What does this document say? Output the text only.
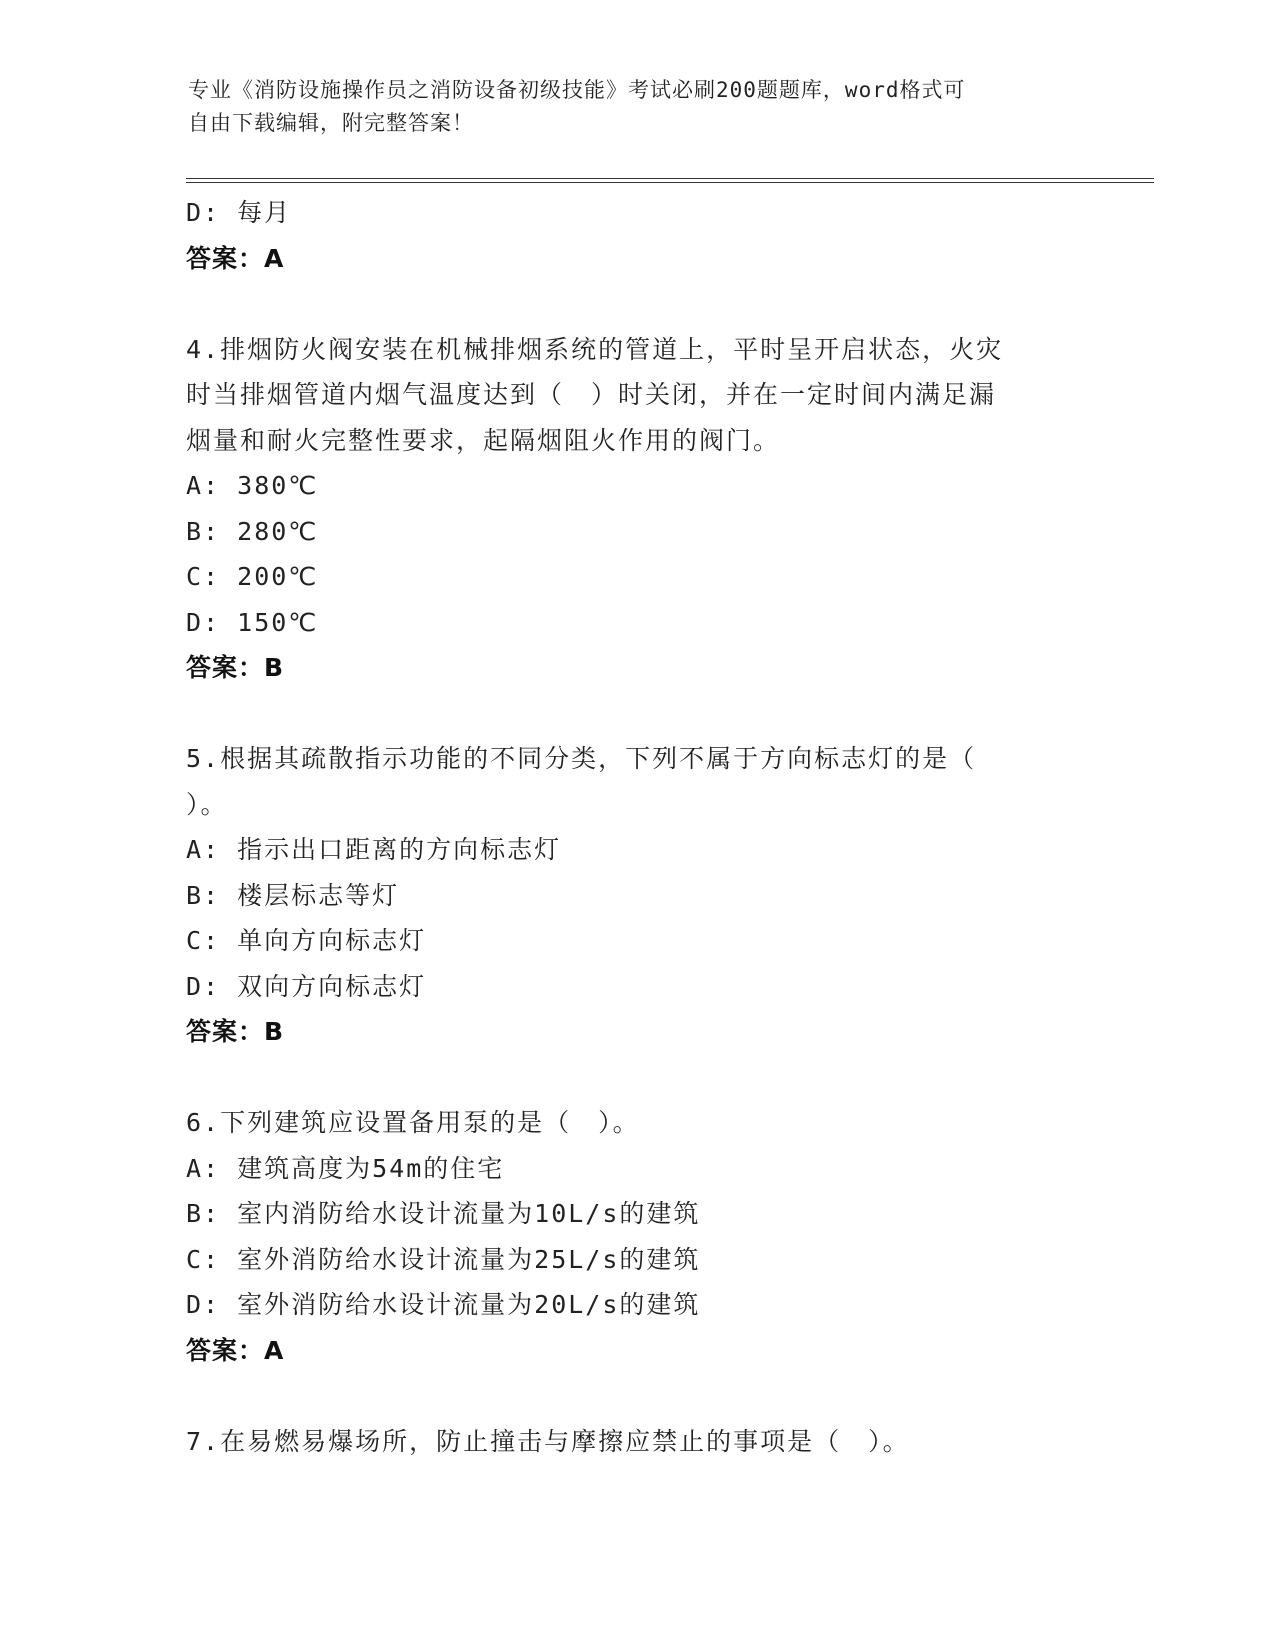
专业《消防设施操作员之消防设备初级技能》考试必刷200题题库，word格式可
自由下载编辑，附完整答案！
D: 每月
答案：A
4.排烟防火阀安装在机械排烟系统的管道上，平时呈开启状态，火灾
时当排烟管道内烟气温度达到（　）时关闭，并在一定时间内满足漏
烟量和耐火完整性要求，起隔烟阻火作用的阀门。
A: 380℃
B: 280℃
C: 200℃
D: 150℃
答案：B
5.根据其疏散指示功能的不同分类，下列不属于方向标志灯的是（
）。
A: 指示出口距离的方向标志灯
B: 楼层标志等灯
C: 单向方向标志灯
D: 双向方向标志灯
答案：B
6.下列建筑应设置备用泵的是（　）。
A: 建筑高度为54m的住宅
B: 室内消防给水设计流量为10L/s的建筑
C: 室外消防给水设计流量为25L/s的建筑
D: 室外消防给水设计流量为20L/s的建筑
答案：A
7.在易燃易爆场所，防止撞击与摩擦应禁止的事项是（　）。
